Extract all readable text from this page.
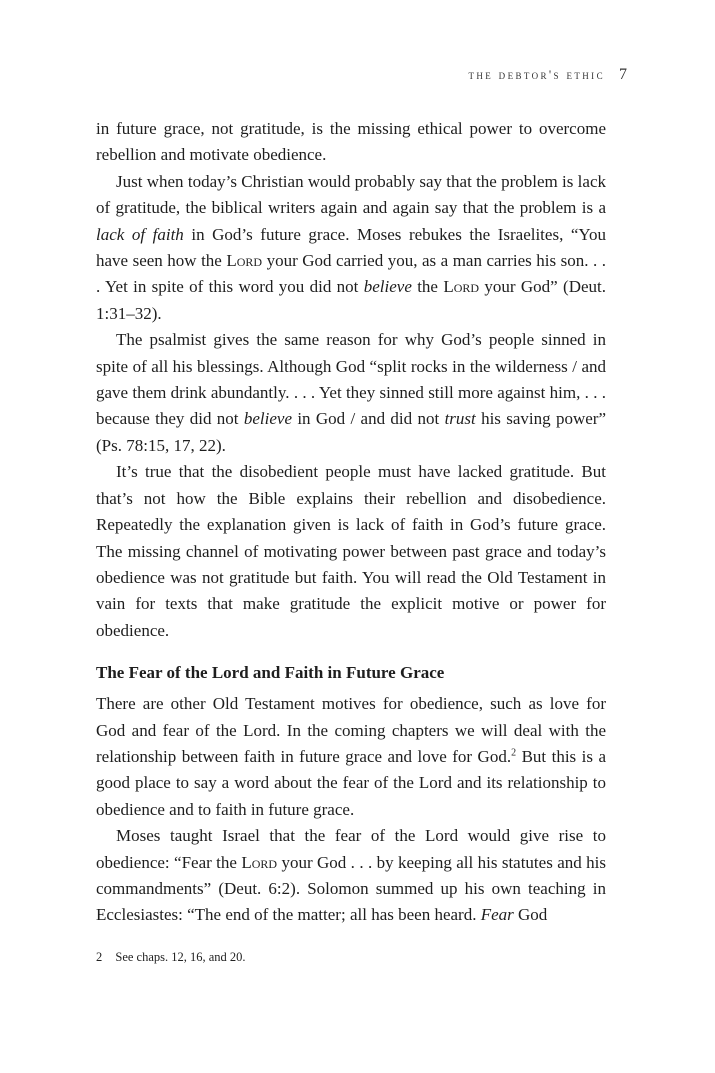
the debtor's ethic 7

in future grace, not gratitude, is the missing ethical power to overcome rebellion and motivate obedience.

Just when today’s Christian would probably say that the problem is lack of gratitude, the biblical writers again and again say that the problem is a lack of faith in God’s future grace. Moses rebukes the Israelites, “You have seen how the Lord your God carried you, as a man carries his son. . . . Yet in spite of this word you did not believe the Lord your God” (Deut. 1:31–32).

The psalmist gives the same reason for why God’s people sinned in spite of all his blessings. Although God “split rocks in the wilderness / and gave them drink abundantly. . . . Yet they sinned still more against him, . . . because they did not believe in God / and did not trust his saving power” (Ps. 78:15, 17, 22).

It’s true that the disobedient people must have lacked gratitude. But that’s not how the Bible explains their rebellion and disobedience. Repeatedly the explanation given is lack of faith in God’s future grace. The missing channel of motivating power between past grace and today’s obedience was not gratitude but faith. You will read the Old Testament in vain for texts that make gratitude the explicit motive or power for obedience.

The Fear of the Lord and Faith in Future Grace

There are other Old Testament motives for obedience, such as love for God and fear of the Lord. In the coming chapters we will deal with the relationship between faith in future grace and love for God.$^2$ But this is a good place to say a word about the fear of the Lord and its relationship to obedience and to faith in future grace.

Moses taught Israel that the fear of the Lord would give rise to obedience: “Fear the Lord your God . . . by keeping all his statutes and his commandments” (Deut. 6:2). Solomon summed up his own teaching in Ecclesiastes: “The end of the matter; all has been heard. Fear God

2 See chaps. 12, 16, and 20.
